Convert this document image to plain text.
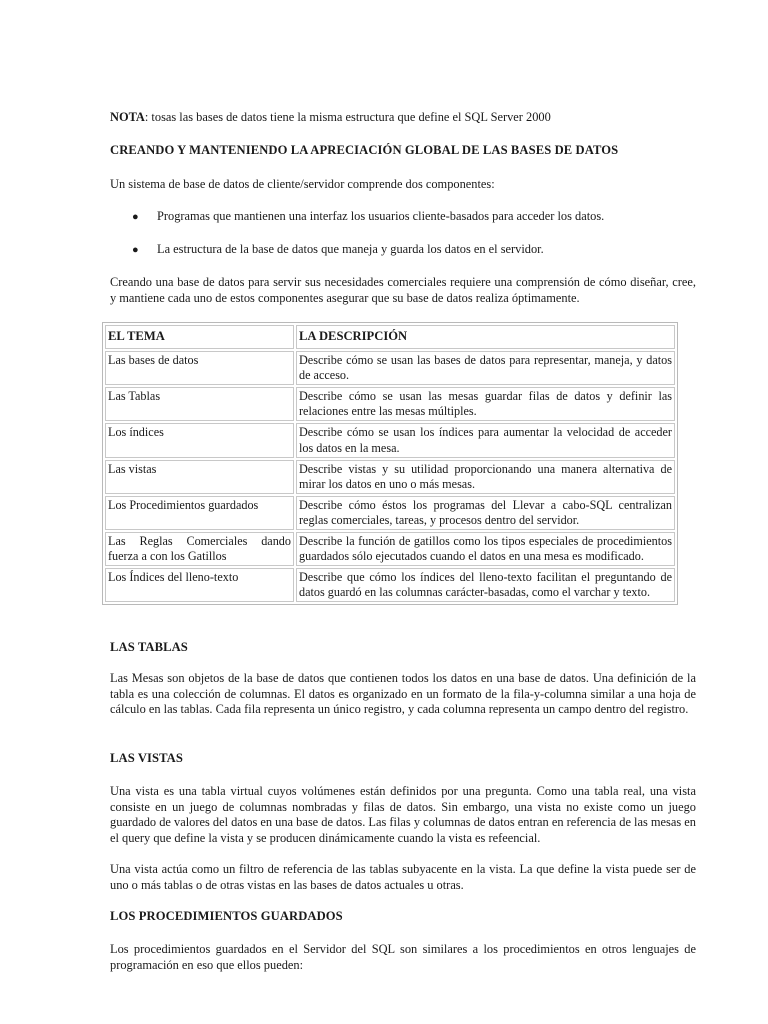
NOTA: tosas las bases de datos tiene la misma estructura que define el SQL Server 2000

CREANDO Y MANTENIENDO LA APRECIACIÓN GLOBAL DE LAS BASES DE DATOS

Un sistema de base de datos de cliente/servidor comprende dos componentes:

● Programas que mantienen una interfaz los usuarios cliente-basados para acceder los datos.
● La estructura de la base de datos que maneja y guarda los datos en el servidor.

Creando una base de datos para servir sus necesidades comerciales requiere una comprensión de cómo diseñar, cree, y mantiene cada uno de estos componentes asegurar que su base de datos realiza óptimamente.

EL TEMA	LA DESCRIPCIÓN
Las bases de datos	Describe cómo se usan las bases de datos para representar, maneja, y datos de acceso.
Las Tablas	Describe cómo se usan las mesas guardar filas de datos y definir las relaciones entre las mesas múltiples.
Los índices	Describe cómo se usan los índices para aumentar la velocidad de acceder los datos en la mesa.
Las vistas	Describe vistas y su utilidad proporcionando una manera alternativa de mirar los datos en uno o más mesas.
Los Procedimientos guardados	Describe cómo éstos los programas del Llevar a cabo-SQL centralizan reglas comerciales, tareas, y procesos dentro del servidor.
Las Reglas Comerciales dando fuerza a con los Gatillos	Describe la función de gatillos como los tipos especiales de procedimientos guardados sólo ejecutados cuando el datos en una mesa es modificado.
Los Índices del lleno-texto	Describe que cómo los índices del lleno-texto facilitan el preguntando de datos guardó en las columnas carácter-basadas, como el varchar y texto.

LAS TABLAS

Las Mesas son objetos de la base de datos que contienen todos los datos en una base de datos. Una definición de la tabla es una colección de columnas. El datos es organizado en un formato de la fila-y-columna similar a una hoja de cálculo en las tablas. Cada fila representa un único registro, y cada columna representa un campo dentro del registro.

LAS VISTAS

Una vista es una tabla virtual cuyos volúmenes están definidos por una pregunta. Como una tabla real, una vista consiste en un juego de columnas nombradas y filas de datos. Sin embargo, una vista no existe como un juego guardado de valores del datos en una base de datos. Las filas y columnas de datos entran en referencia de las mesas en el query que define la vista y se producen dinámicamente cuando la vista es refeencial.

Una vista actúa como un filtro de referencia de las tablas subyacente en la vista. La que define la vista puede ser de uno o más tablas o de otras vistas en las bases de datos actuales u otras.

LOS PROCEDIMIENTOS GUARDADOS

Los procedimientos guardados en el Servidor del SQL son similares a los procedimientos en otros lenguajes de programación en eso que ellos pueden:
